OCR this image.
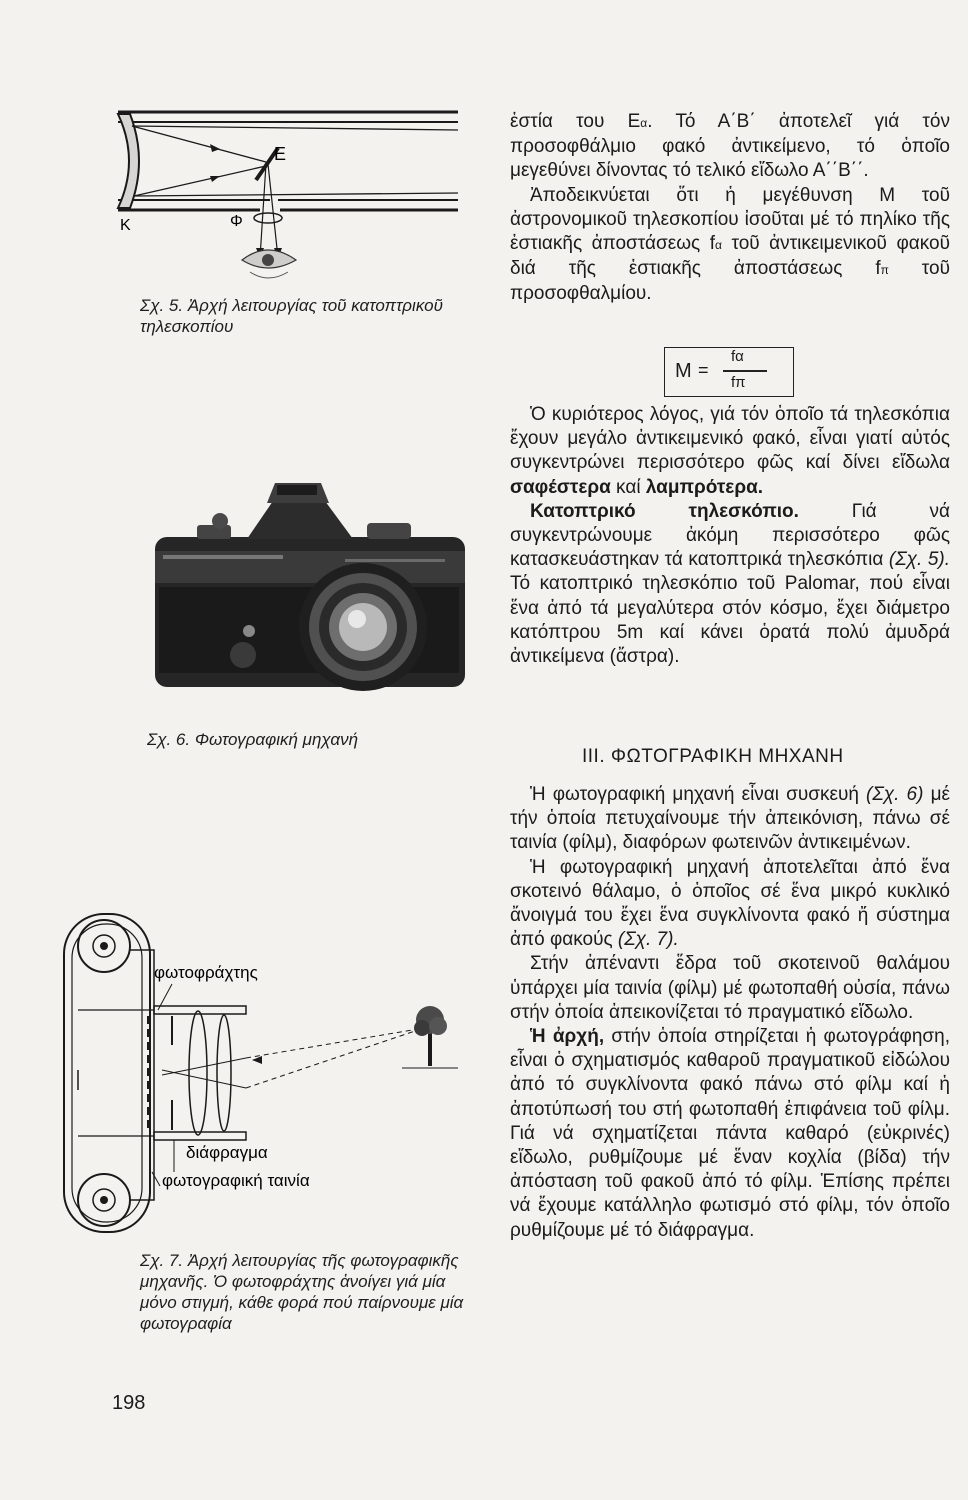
Ε
Κ	Φ
Σχ. 5. Ἀρχή λειτουργίας τοῦ κατοπτρικοῦ τηλεσκοπίου
Σχ. 6. Φωτογραφική μηχανή
φωτοφράχτης
διάφραγμα
φωτογραφική ταινία
Σχ. 7. Ἀρχή λειτουργίας τῆς φωτογραφικῆς μηχανῆς. Ὁ φωτοφράχτης ἀνοίγει γιά μία μόνο στιγμή, κάθε φορά πού παίρνουμε μία φωτογραφία

ἑστία του Εα. Τό Α΄Β΄ ἀποτελεῖ γιά τόν προσοφθάλμιο φακό ἀντικείμενο, τό ὁποῖο μεγεθύνει δίνοντας τό τελικό εἴδωλο Α΄΄Β΄΄.

Ἀποδεικνύεται ὅτι ἡ μεγέθυνση Μ τοῦ ἀστρονομικοῦ τηλεσκοπίου ἰσοῦται μέ τό πηλίκο τῆς ἑστιακῆς ἀποστάσεως fα τοῦ ἀντικειμενικοῦ φακοῦ διά τῆς ἑστιακῆς ἀποστάσεως fπ τοῦ προσοφθαλμίου.

M =
fα
fπ

Ὁ κυριότερος λόγος, γιά τόν ὁποῖο τά τηλεσκόπια ἔχουν μεγάλο ἀντικειμενικό φακό, εἶναι γιατί αὐτός συγκεντρώνει περισσότερο φῶς καί δίνει εἴδωλα σαφέστερα καί λαμπρότερα.

Κατοπτρικό τηλεσκόπιο. Γιά νά συγκεντρώνουμε ἀκόμη περισσότερο φῶς κατασκευάστηκαν τά κατοπτρικά τηλεσκόπια (Σχ. 5). Τό κατοπτρικό τηλεσκόπιο τοῦ Palomar, πού εἶναι ἕνα ἀπό τά μεγαλύτερα στόν κόσμο, ἔχει διάμετρο κατόπτρου 5m καί κάνει ὁρατά πολύ ἀμυδρά ἀντικείμενα (ἄστρα).

ΙΙΙ. ΦΩΤΟΓΡΑΦΙΚΗ ΜΗΧΑΝΗ

Ἡ φωτογραφική μηχανή εἶναι συσκευή (Σχ. 6) μέ τήν ὁποία πετυχαίνουμε τήν ἀπεικόνιση, πάνω σέ ταινία (φίλμ), διαφόρων φωτεινῶν ἀντικειμένων.

Ἡ φωτογραφική μηχανή ἀποτελεῖται ἀπό ἕνα σκοτεινό θάλαμο, ὁ ὁποῖος σέ ἕνα μικρό κυκλικό ἄνοιγμά του ἔχει ἕνα συγκλίνοντα φακό ἤ σύστημα ἀπό φακούς (Σχ. 7).

Στήν ἀπέναντι ἕδρα τοῦ σκοτεινοῦ θαλάμου ὑπάρχει μία ταινία (φίλμ) μέ φωτοπαθή οὐσία, πάνω στήν ὁποία ἀπεικονίζεται τό πραγματικό εἴδωλο.

Ἡ ἀρχή, στήν ὁποία στηρίζεται ἡ φωτογράφηση, εἶναι ὁ σχηματισμός καθαροῦ πραγματικοῦ εἰδώλου ἀπό τό συγκλίνοντα φακό πάνω στό φίλμ καί ἡ ἀποτύπωσή του στή φωτοπαθή ἐπιφάνεια τοῦ φίλμ. Γιά νά σχηματίζεται πάντα καθαρό (εὐκρινές) εἴδωλο, ρυθμίζουμε μέ ἕναν κοχλία (βίδα) τήν ἀπόσταση τοῦ φακοῦ ἀπό τό φίλμ. Ἐπίσης πρέπει νά ἔχουμε κατάλληλο φωτισμό στό φίλμ, τόν ὁποῖο ρυθμίζουμε μέ τό διάφραγμα.

198
